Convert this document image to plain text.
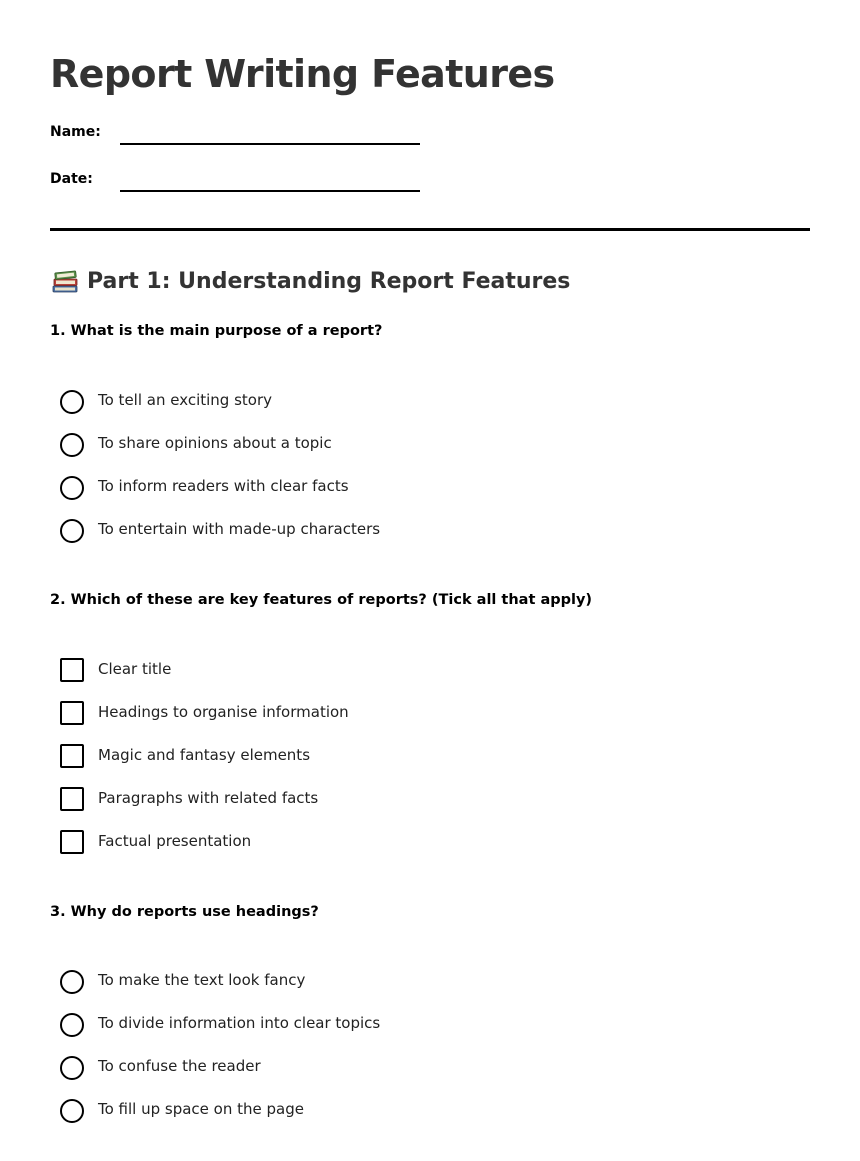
Report Writing Features
Name:
Date:
Part 1: Understanding Report Features
1. What is the main purpose of a report?
To tell an exciting story
To share opinions about a topic
To inform readers with clear facts
To entertain with made-up characters
2. Which of these are key features of reports? (Tick all that apply)
Clear title
Headings to organise information
Magic and fantasy elements
Paragraphs with related facts
Factual presentation
3. Why do reports use headings?
To make the text look fancy
To divide information into clear topics
To confuse the reader
To fill up space on the page
